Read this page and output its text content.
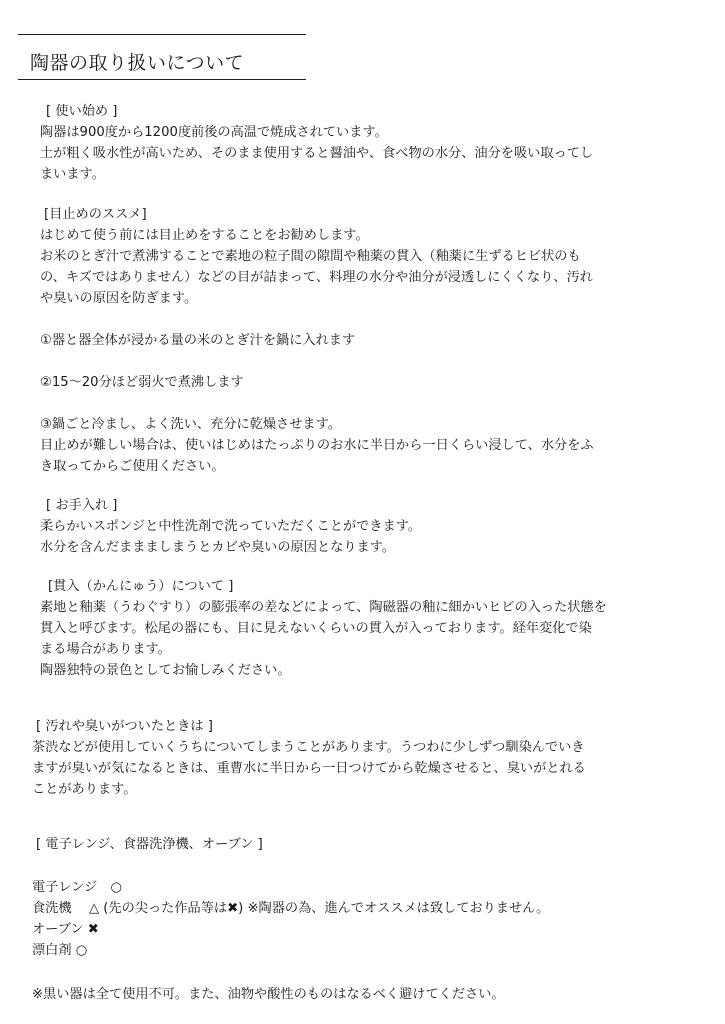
陶器の取り扱いについて
[ 使い始め ]
陶器は900度から1200度前後の高温で焼成されています。
土が粗く吸水性が高いため、そのまま使用すると醤油や、食べ物の水分、油分を吸い取ってし
まいます。
[目止めのススメ]
はじめて使う前には目止めをすることをお勧めします。
お米のとぎ汁で煮沸することで素地の粒子間の隙間や釉薬の貫入（釉薬に生ずるヒビ状のも
の、キズではありません）などの目が詰まって、料理の水分や油分が浸透しにくくなり、汚れ
や臭いの原因を防ぎます。
①器と器全体が浸かる量の米のとぎ汁を鍋に入れます
②15〜20分ほど弱火で煮沸します
③鍋ごと冷まし、よく洗い、充分に乾燥させます。
目止めが難しい場合は、使いはじめはたっぷりのお水に半日から一日くらい浸して、水分をふ
き取ってからご使用ください。
[ お手入れ ]
柔らかいスポンジと中性洗剤で洗っていただくことができます。
水分を含んだままましまうとカビや臭いの原因となります。
[貫入（かんにゅう）について ]
素地と釉薬（うわぐすり）の膨張率の差などによって、陶磁器の釉に細かいヒビの入った状態を
貫入と呼びます。松尾の器にも、目に見えないくらいの貫入が入っております。経年変化で染
まる場合があります。
陶器独特の景色としてお愉しみください。
[ 汚れや臭いがついたときは ]
茶渋などが使用していくうちについてしまうことがあります。うつわに少しずつ馴染んでいき
ますが臭いが気になるときは、重曹水に半日から一日つけてから乾燥させると、臭いがとれる
ことがあります。
[ 電子レンジ、食器洗浄機、オーブン ]
電子レンジ　○
食洗機　 △ (先の尖った作品等は✖) ※陶器の為、進んでオススメは致しておりません。
オーブン ✖
漂白剤 ○
※黒い器は全て使用不可。また、油物や酸性のものはなるべく避けてください。
